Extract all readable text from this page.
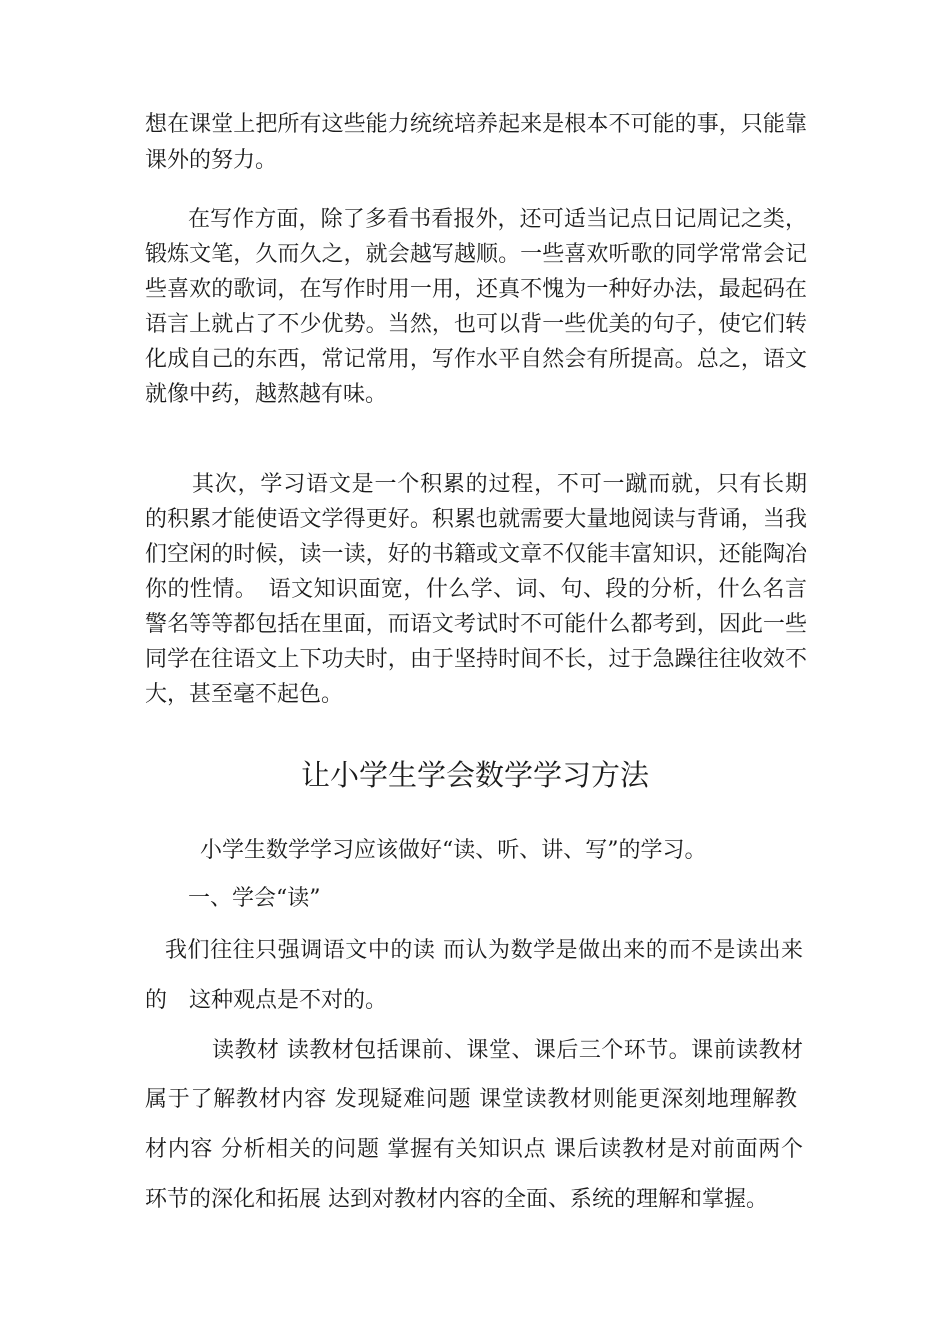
想在课堂上把所有这些能力统统培养起来是根本不可能的事，只能靠
课外的努力。
在写作方面，除了多看书看报外，还可适当记点日记周记之类，
锻炼文笔，久而久之，就会越写越顺。一些喜欢听歌的同学常常会记
些喜欢的歌词，在写作时用一用，还真不愧为一种好办法，最起码在
语言上就占了不少优势。当然，也可以背一些优美的句子，使它们转
化成自己的东西，常记常用，写作水平自然会有所提高。总之，语文
就像中药，越熬越有味。
其次，学习语文是一个积累的过程，不可一蹴而就，只有长期
的积累才能使语文学得更好。积累也就需要大量地阅读与背诵，当我
们空闲的时候，读一读，好的书籍或文章不仅能丰富知识，还能陶冶
你的性情。　语文知识面宽，什么学、词、句、段的分析，什么名言
警名等等都包括在里面，而语文考试时不可能什么都考到，因此一些
同学在往语文上下功夫时，由于坚持时间不长，过于急躁往往收效不
大，甚至毫不起色。
让小学生学会数学学习方法
小学生数学学习应该做好“读、听、讲、写”的学习。
一、学会“读”
我们往往只强调语文中的读 而认为数学是做出来的而不是读出来
的　这种观点是不对的。
读教材 读教材包括课前、课堂、课后三个环节。课前读教材
属于了解教材内容 发现疑难问题 课堂读教材则能更深刻地理解教
材内容 分析相关的问题 掌握有关知识点 课后读教材是对前面两个
环节的深化和拓展 达到对教材内容的全面、系统的理解和掌握。
